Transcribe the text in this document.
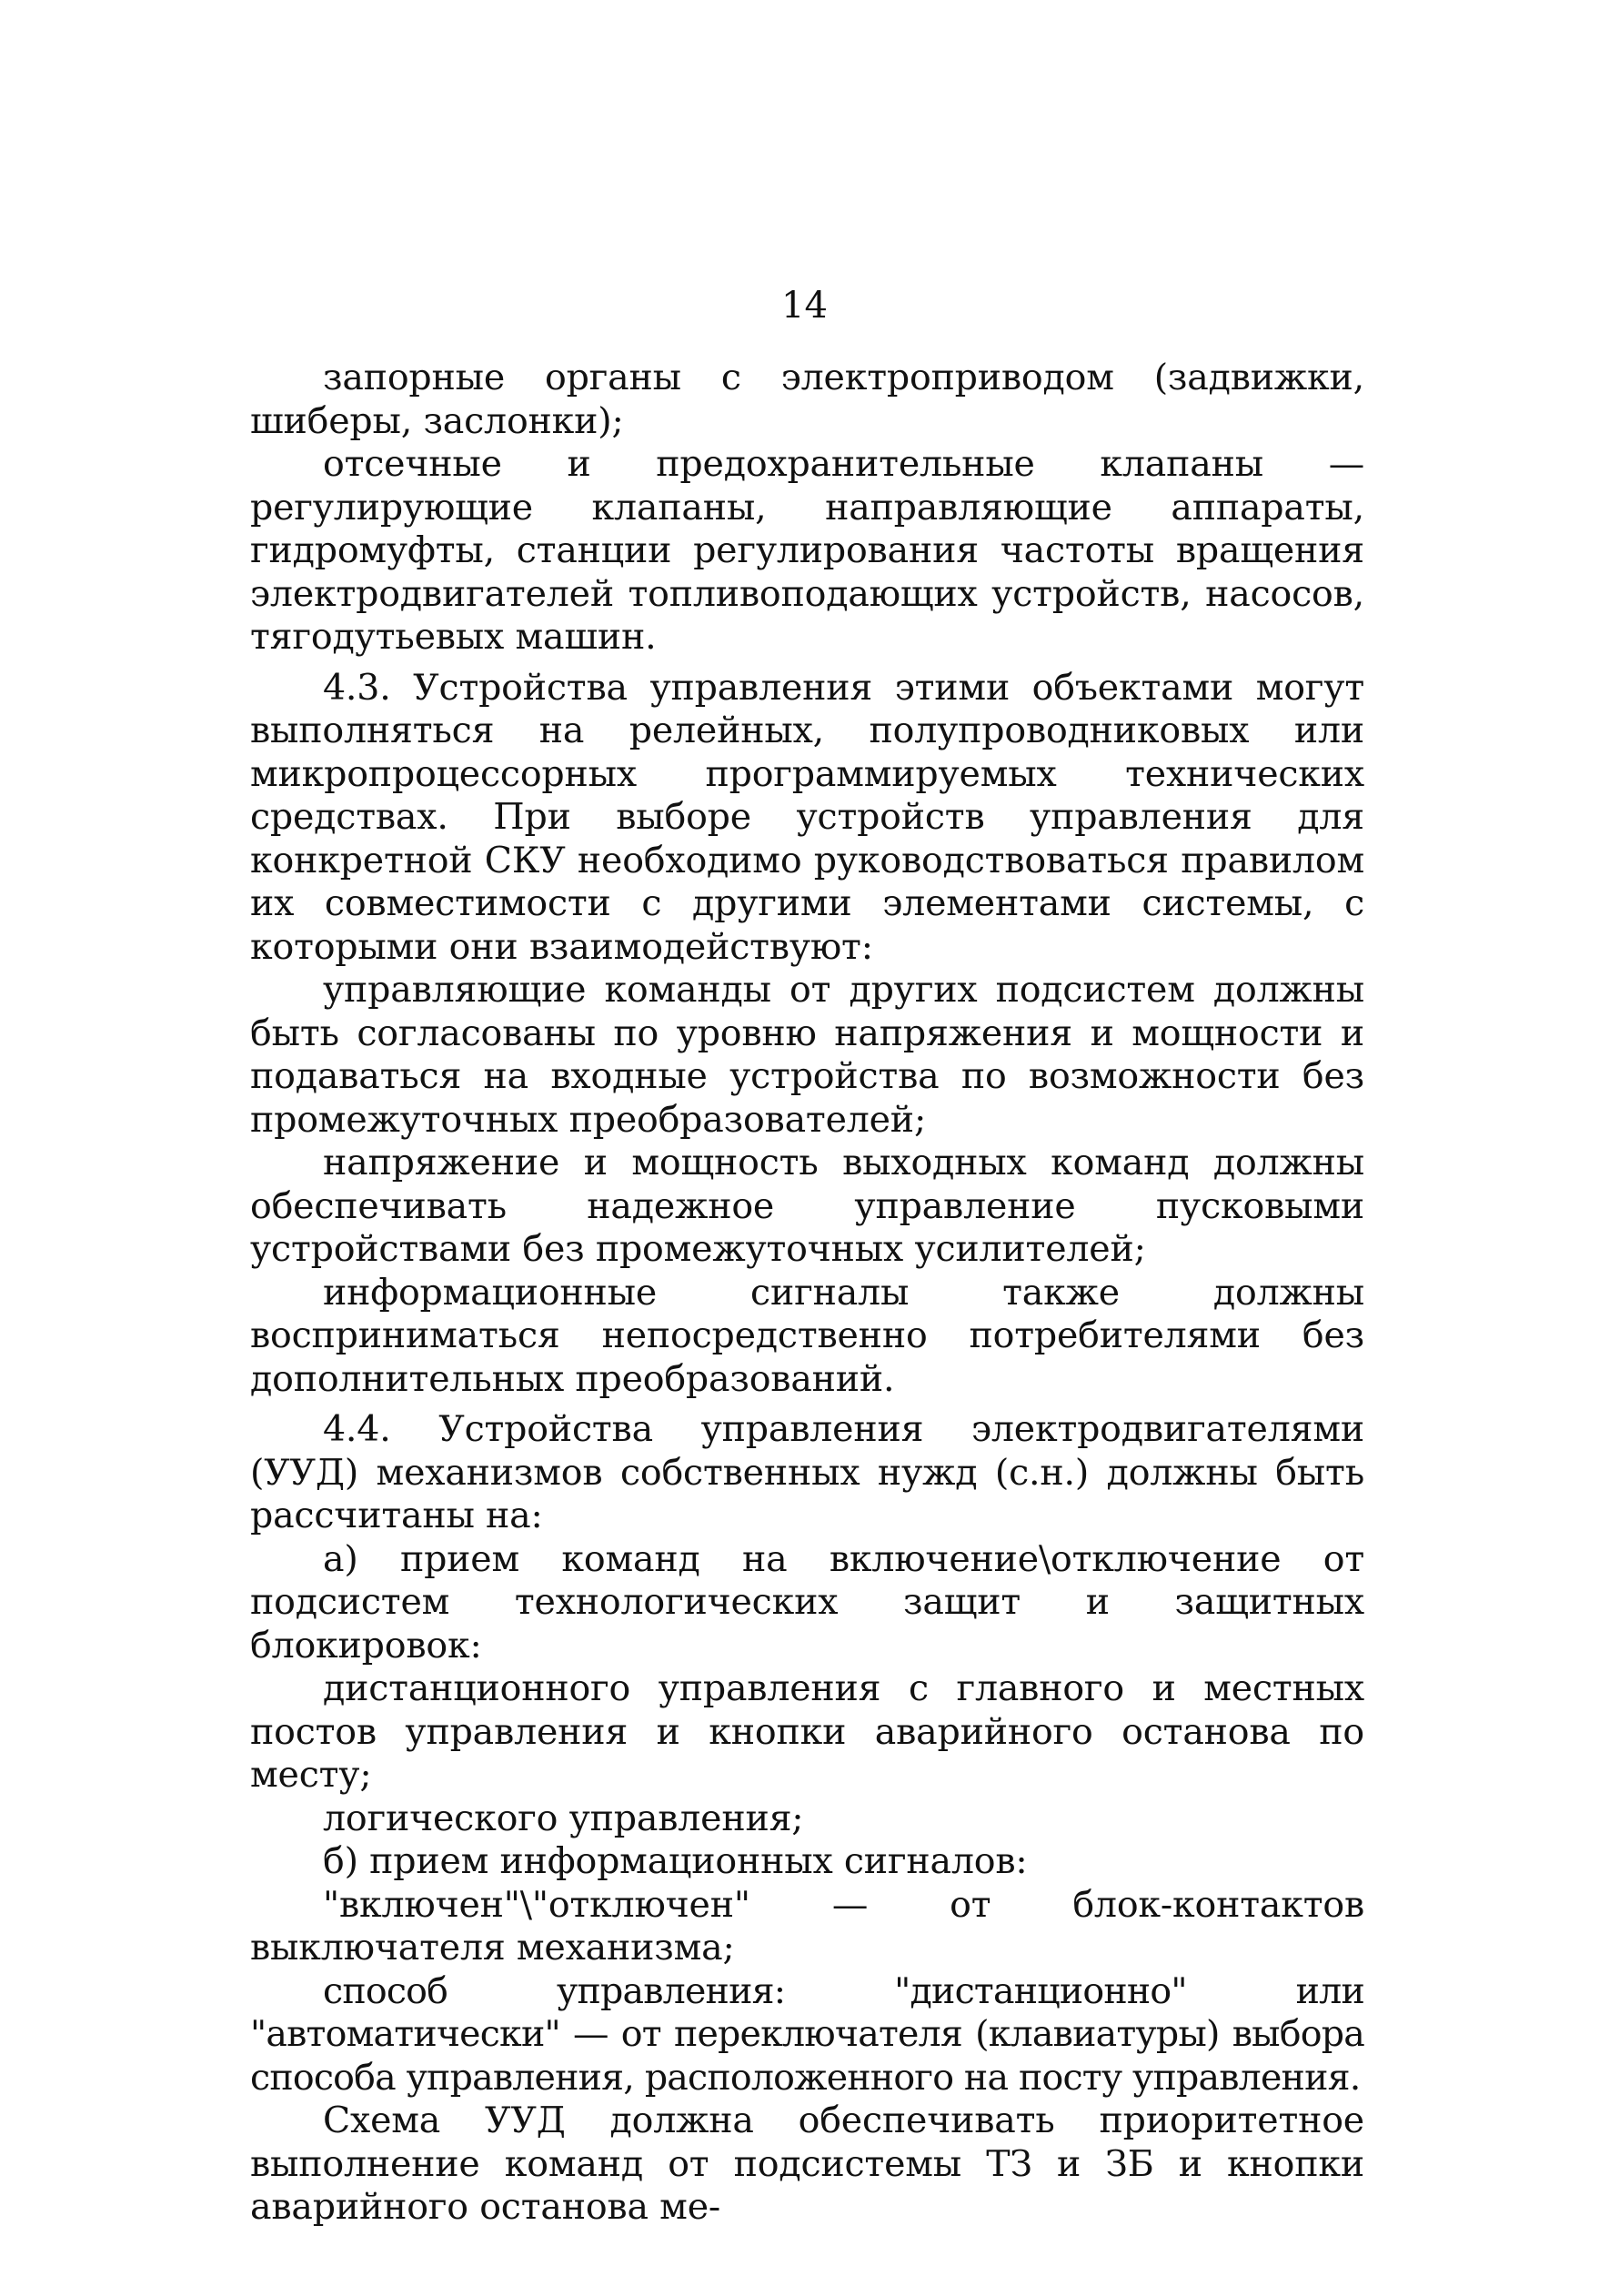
14

запорные органы с электроприводом (задвижки, шиберы, заслонки);

отсечные и предохранительные клапаны — регулирующие клапаны, направляющие аппараты, гидромуфты, станции регулирования частоты вращения электродвигателей топливоподающих устройств, насосов, тягодутьевых машин.

4.3. Устройства управления этими объектами могут выполняться на релейных, полупроводниковых или микропроцессорных программируемых технических средствах. При выборе устройств управления для конкретной СКУ необходимо руководствоваться правилом их совместимости с другими элементами системы, с которыми они взаимодействуют:

управляющие команды от других подсистем должны быть согласованы по уровню напряжения и мощности и подаваться на входные устройства по возможности без промежуточных преобразователей;

напряжение и мощность выходных команд должны обеспечивать надежное управление пусковыми устройствами без промежуточных усилителей;

информационные сигналы также должны восприниматься непосредственно потребителями без дополнительных преобразований.

4.4. Устройства управления электродвигателями (УУД) механизмов собственных нужд (с.н.) должны быть рассчитаны на:

а) прием команд на включение\отключение от подсистем технологических защит и защитных блокировок:

дистанционного управления с главного и местных постов управления и кнопки аварийного останова по месту;

логического управления;

б) прием информационных сигналов:

"включен"\"отключен" — от блок-контактов выключателя механизма;

способ управления: "дистанционно" или "автоматически" — от переключателя (клавиатуры) выбора способа управления, расположенного на посту управления.

Схема УУД должна обеспечивать приоритетное выполнение команд от подсистемы ТЗ и ЗБ и кнопки аварийного останова ме-
